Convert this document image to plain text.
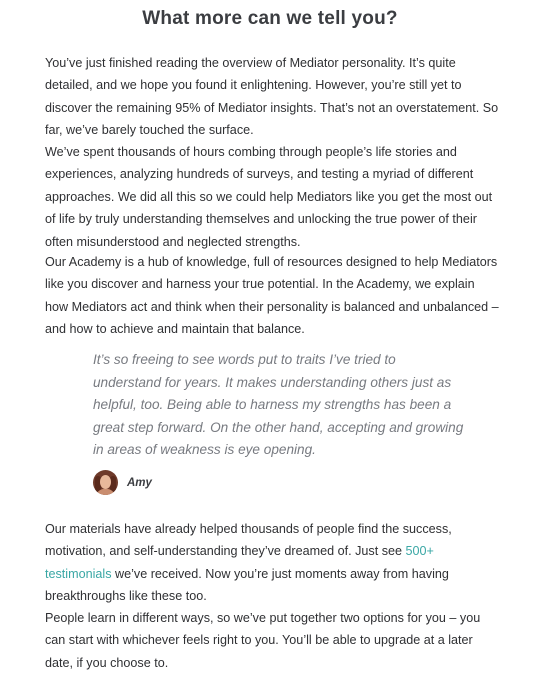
What more can we tell you?

You’ve just finished reading the overview of Mediator personality. It’s quite detailed, and we hope you found it enlightening. However, you’re still yet to discover the remaining 95% of Mediator insights. That’s not an overstatement. So far, we’ve barely touched the surface.

We’ve spent thousands of hours combing through people’s life stories and experiences, analyzing hundreds of surveys, and testing a myriad of different approaches. We did all this so we could help Mediators like you get the most out of life by truly understanding themselves and unlocking the true power of their often misunderstood and neglected strengths.

Our Academy is a hub of knowledge, full of resources designed to help Mediators like you discover and harness your true potential. In the Academy, we explain how Mediators act and think when their personality is balanced and unbalanced – and how to achieve and maintain that balance.

It’s so freeing to see words put to traits I’ve tried to understand for years. It makes understanding others just as helpful, too. Being able to harness my strengths has been a great step forward. On the other hand, accepting and growing in areas of weakness is eye opening.
Amy

Our materials have already helped thousands of people find the success, motivation, and self-understanding they’ve dreamed of. Just see 500+ testimonials we’ve received. Now you’re just moments away from having breakthroughs like these too.

People learn in different ways, so we’ve put together two options for you – you can start with whichever feels right to you. You’ll be able to upgrade at a later date, if you choose to.
